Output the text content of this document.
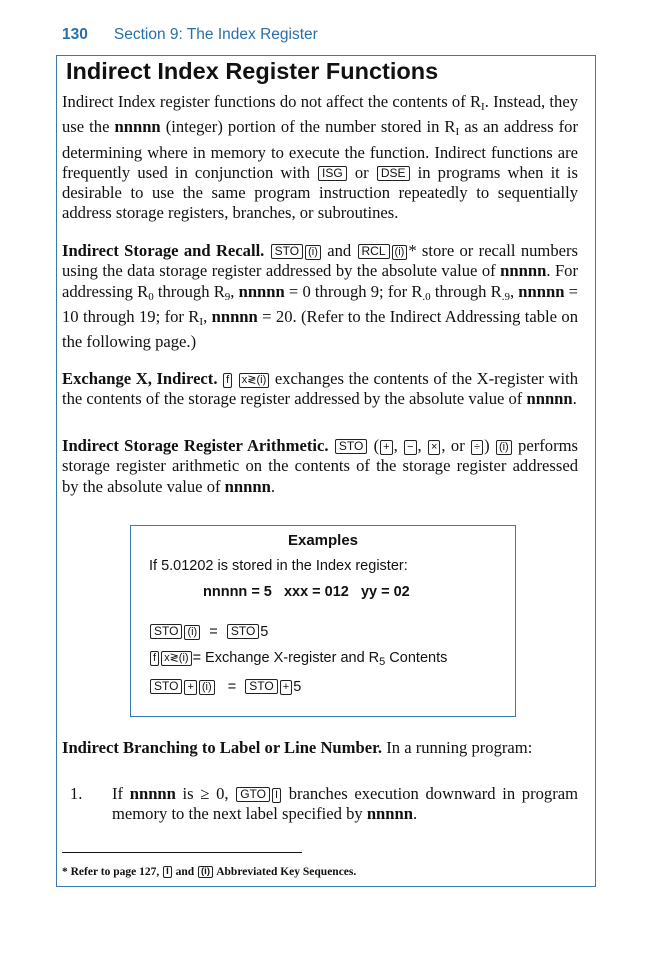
130 Section 9: The Index Register
Indirect Index Register Functions
Indirect Index register functions do not affect the contents of $R_I$. Instead, they use the nnnnn (integer) portion of the number stored in $R_I$ as an address for determining where in memory to execute the function. Indirect functions are frequently used in conjunction with ISG or DSE in programs when it is desirable to use the same program instruction repeatedly to sequentially address storage registers, branches, or subroutines.
Indirect Storage and Recall. STO (i) and RCL (i) * store or recall numbers using the data storage register addressed by the absolute value of nnnnn. For addressing $R_0$ through $R_9$, nnnnn = 0 through 9; for $R_{.0}$ through $R_{.9}$, nnnnn = 10 through 19; for $R_I$, nnnnn = 20. (Refer to the Indirect Addressing table on the following page.)
Exchange X, Indirect. f x≷(i) exchanges the contents of the X-register with the contents of the storage register addressed by the absolute value of nnnnn.
Indirect Storage Register Arithmetic. STO ( + , − , × , or ÷ ) (i) performs storage register arithmetic on the contents of the storage register addressed by the absolute value of nnnnn.
Examples
If 5.01202 is stored in the Index register:
nnnnn = 5   xxx = 012   yy = 02
STO (i) = STO 5
f x≷(i) = Exchange X-register and $R_5$ Contents
STO + (i) = STO + 5
Indirect Branching to Label or Line Number. In a running program:
1. If nnnnn is ≥ 0, GTO I branches execution downward in program memory to the next label specified by nnnnn.
* Refer to page 127, I and (i) Abbreviated Key Sequences.
